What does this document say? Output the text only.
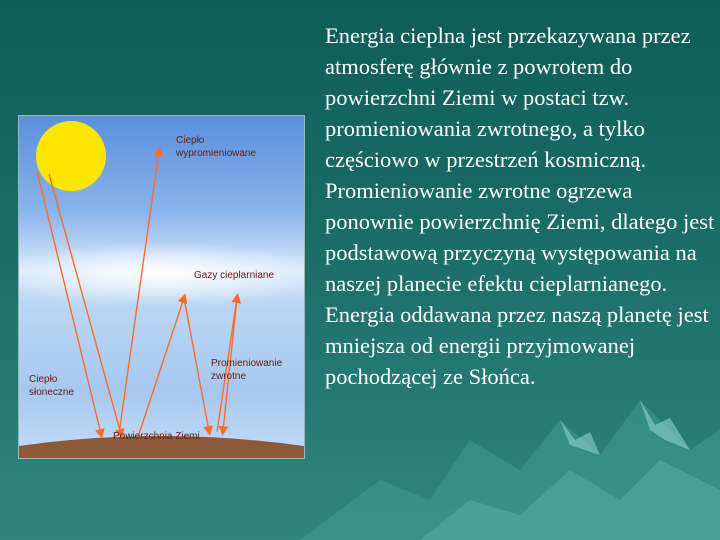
Ciepło
wypromieniowane
Gazy cieplarniane
Promieniowanie
zwrotne
Ciepło
słoneczne
Powierzchnia Ziemi

Energia cieplna jest przekazywana przez atmosferę głównie z powrotem do powierzchni Ziemi w postaci tzw. promieniowania zwrotnego, a tylko częściowo w przestrzeń kosmiczną. Promieniowanie zwrotne ogrzewa ponownie powierzchnię Ziemi, dlatego jest podstawową przyczyną występowania na naszej planecie efektu cieplarnianego. Energia oddawana przez naszą planetę jest mniejsza od energii przyjmowanej pochodzącej ze Słońca.
